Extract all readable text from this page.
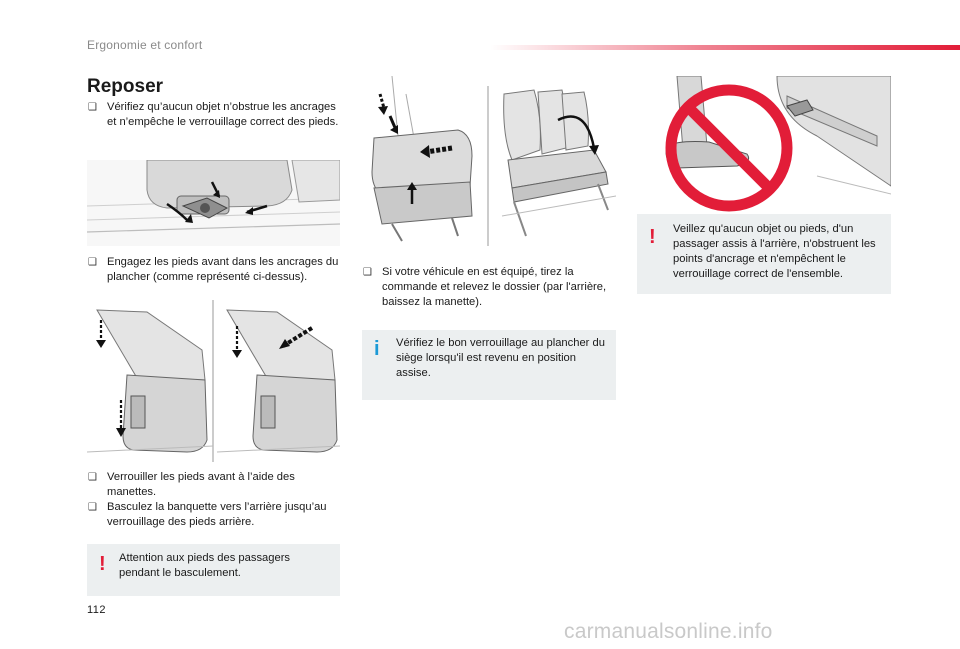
Ergonomie et confort
Reposer
❑ Vérifiez qu’aucun objet n’obstrue les ancrages et n’empêche le verrouillage correct des pieds.
❑ Engagez les pieds avant dans les ancrages du plancher (comme représenté ci-dessus).
❑ Verrouiller les pieds avant à l’aide des manettes.
❑ Basculez la banquette vers l’arrière jusqu’au verrouillage des pieds arrière.
! Attention aux pieds des passagers pendant le basculement.
❑ Si votre véhicule en est équipé, tirez la commande et relevez le dossier (par l'arrière, baissez la manette).
i Vérifiez le bon verrouillage au plancher du siège lorsqu'il est revenu en position assise.
! Veillez qu'aucun objet ou pieds, d'un passager assis à l'arrière, n'obstruent les points d'ancrage et n'empêchent le verrouillage correct de l'ensemble.
112
carmanualsonline.info
